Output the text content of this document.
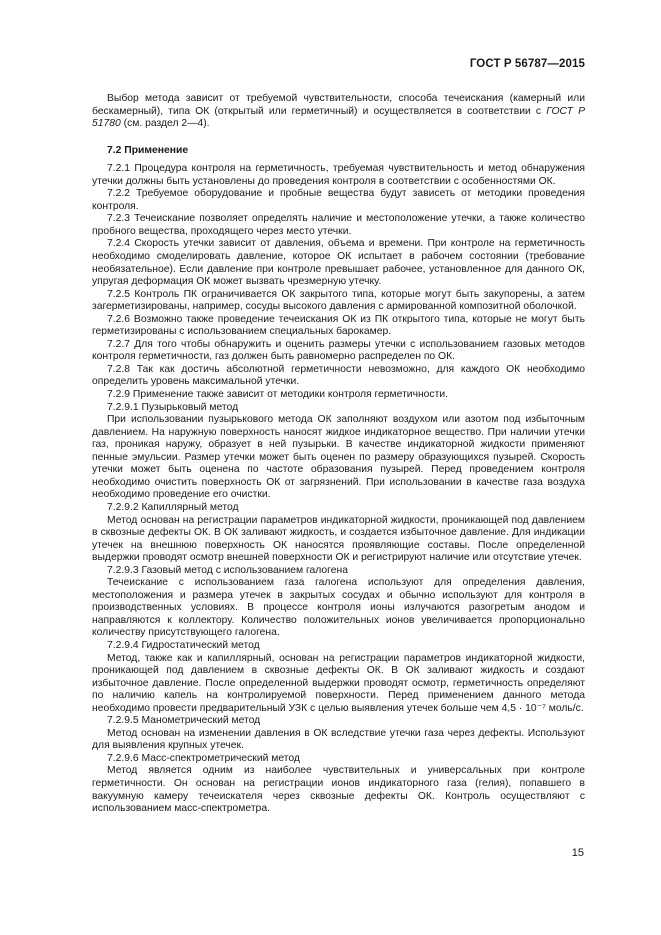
ГОСТ Р 56787—2015

Выбор метода зависит от требуемой чувствительности, способа течеискания (камерный или бескамерный), типа ОК (открытый или герметичный) и осуществляется в соответствии с ГОСТ Р 51780 (см. раздел 2—4).

7.2 Применение

7.2.1 Процедура контроля на герметичность, требуемая чувствительность и метод обнаружения утечки должны быть установлены до проведения контроля в соответствии с особенностями ОК.

7.2.2 Требуемое оборудование и пробные вещества будут зависеть от методики проведения контроля.

7.2.3 Течеискание позволяет определять наличие и местоположение утечки, а также количество пробного вещества, проходящего через место утечки.

7.2.4 Скорость утечки зависит от давления, объема и времени. При контроле на герметичность необходимо смоделировать давление, которое ОК испытает в рабочем состоянии (требование необязательное). Если давление при контроле превышает рабочее, установленное для данного ОК, упругая деформация ОК может вызвать чрезмерную утечку.

7.2.5 Контроль ПК ограничивается ОК закрытого типа, которые могут быть закупорены, а затем загерметизированы, например, сосуды высокого давления с армированной композитной оболочкой.

7.2.6 Возможно также проведение течеискания ОК из ПК открытого типа, которые не могут быть герметизированы с использованием специальных барокамер.

7.2.7 Для того чтобы обнаружить и оценить размеры утечки с использованием газовых методов контроля герметичности, газ должен быть равномерно распределен по ОК.

7.2.8 Так как достичь абсолютной герметичности невозможно, для каждого ОК необходимо определить уровень максимальной утечки.

7.2.9 Применение также зависит от методики контроля герметичности.

7.2.9.1 Пузырьковый метод

При использовании пузырькового метода ОК заполняют воздухом или азотом под избыточным давлением. На наружную поверхность наносят жидкое индикаторное вещество. При наличии утечки газ, проникая наружу, образует в ней пузырьки. В качестве индикаторной жидкости применяют пенные эмульсии. Размер утечки может быть оценен по размеру образующихся пузырей. Скорость утечки может быть оценена по частоте образования пузырей. Перед проведением контроля необходимо очистить поверхность ОК от загрязнений. При использовании в качестве газа воздуха необходимо проведение его очистки.

7.2.9.2 Капиллярный метод

Метод основан на регистрации параметров индикаторной жидкости, проникающей под давлением в сквозные дефекты ОК. В ОК заливают жидкость, и создается избыточное давление. Для индикации утечек на внешнюю поверхность ОК наносятся проявляющие составы. После определенной выдержки проводят осмотр внешней поверхности ОК и регистрируют наличие или отсутствие утечек.

7.2.9.3 Газовый метод с использованием галогена

Течеискание с использованием газа галогена используют для определения давления, местоположения и размера утечек в закрытых сосудах и обычно используют для контроля в производственных условиях. В процессе контроля ионы излучаются разогретым анодом и направляются к коллектору. Количество положительных ионов увеличивается пропорционально количеству присутствующего галогена.

7.2.9.4 Гидростатический метод

Метод, также как и капиллярный, основан на регистрации параметров индикаторной жидкости, проникающей под давлением в сквозные дефекты ОК. В ОК заливают жидкость и создают избыточное давление. После определенной выдержки проводят осмотр, герметичность определяют по наличию капель на контролируемой поверхности. Перед применением данного метода необходимо провести предварительный УЗК с целью выявления утечек больше чем 4,5 · 10⁻⁷ моль/с.

7.2.9.5 Манометрический метод

Метод основан на изменении давления в ОК вследствие утечки газа через дефекты. Используют для выявления крупных утечек.

7.2.9.6 Масс-спектрометрический метод

Метод является одним из наиболее чувствительных и универсальных при контроле герметичности. Он основан на регистрации ионов индикаторного газа (гелия), попавшего в вакуумную камеру течеискателя через сквозные дефекты ОК. Контроль осуществляют с использованием масс-спектрометра.

15
